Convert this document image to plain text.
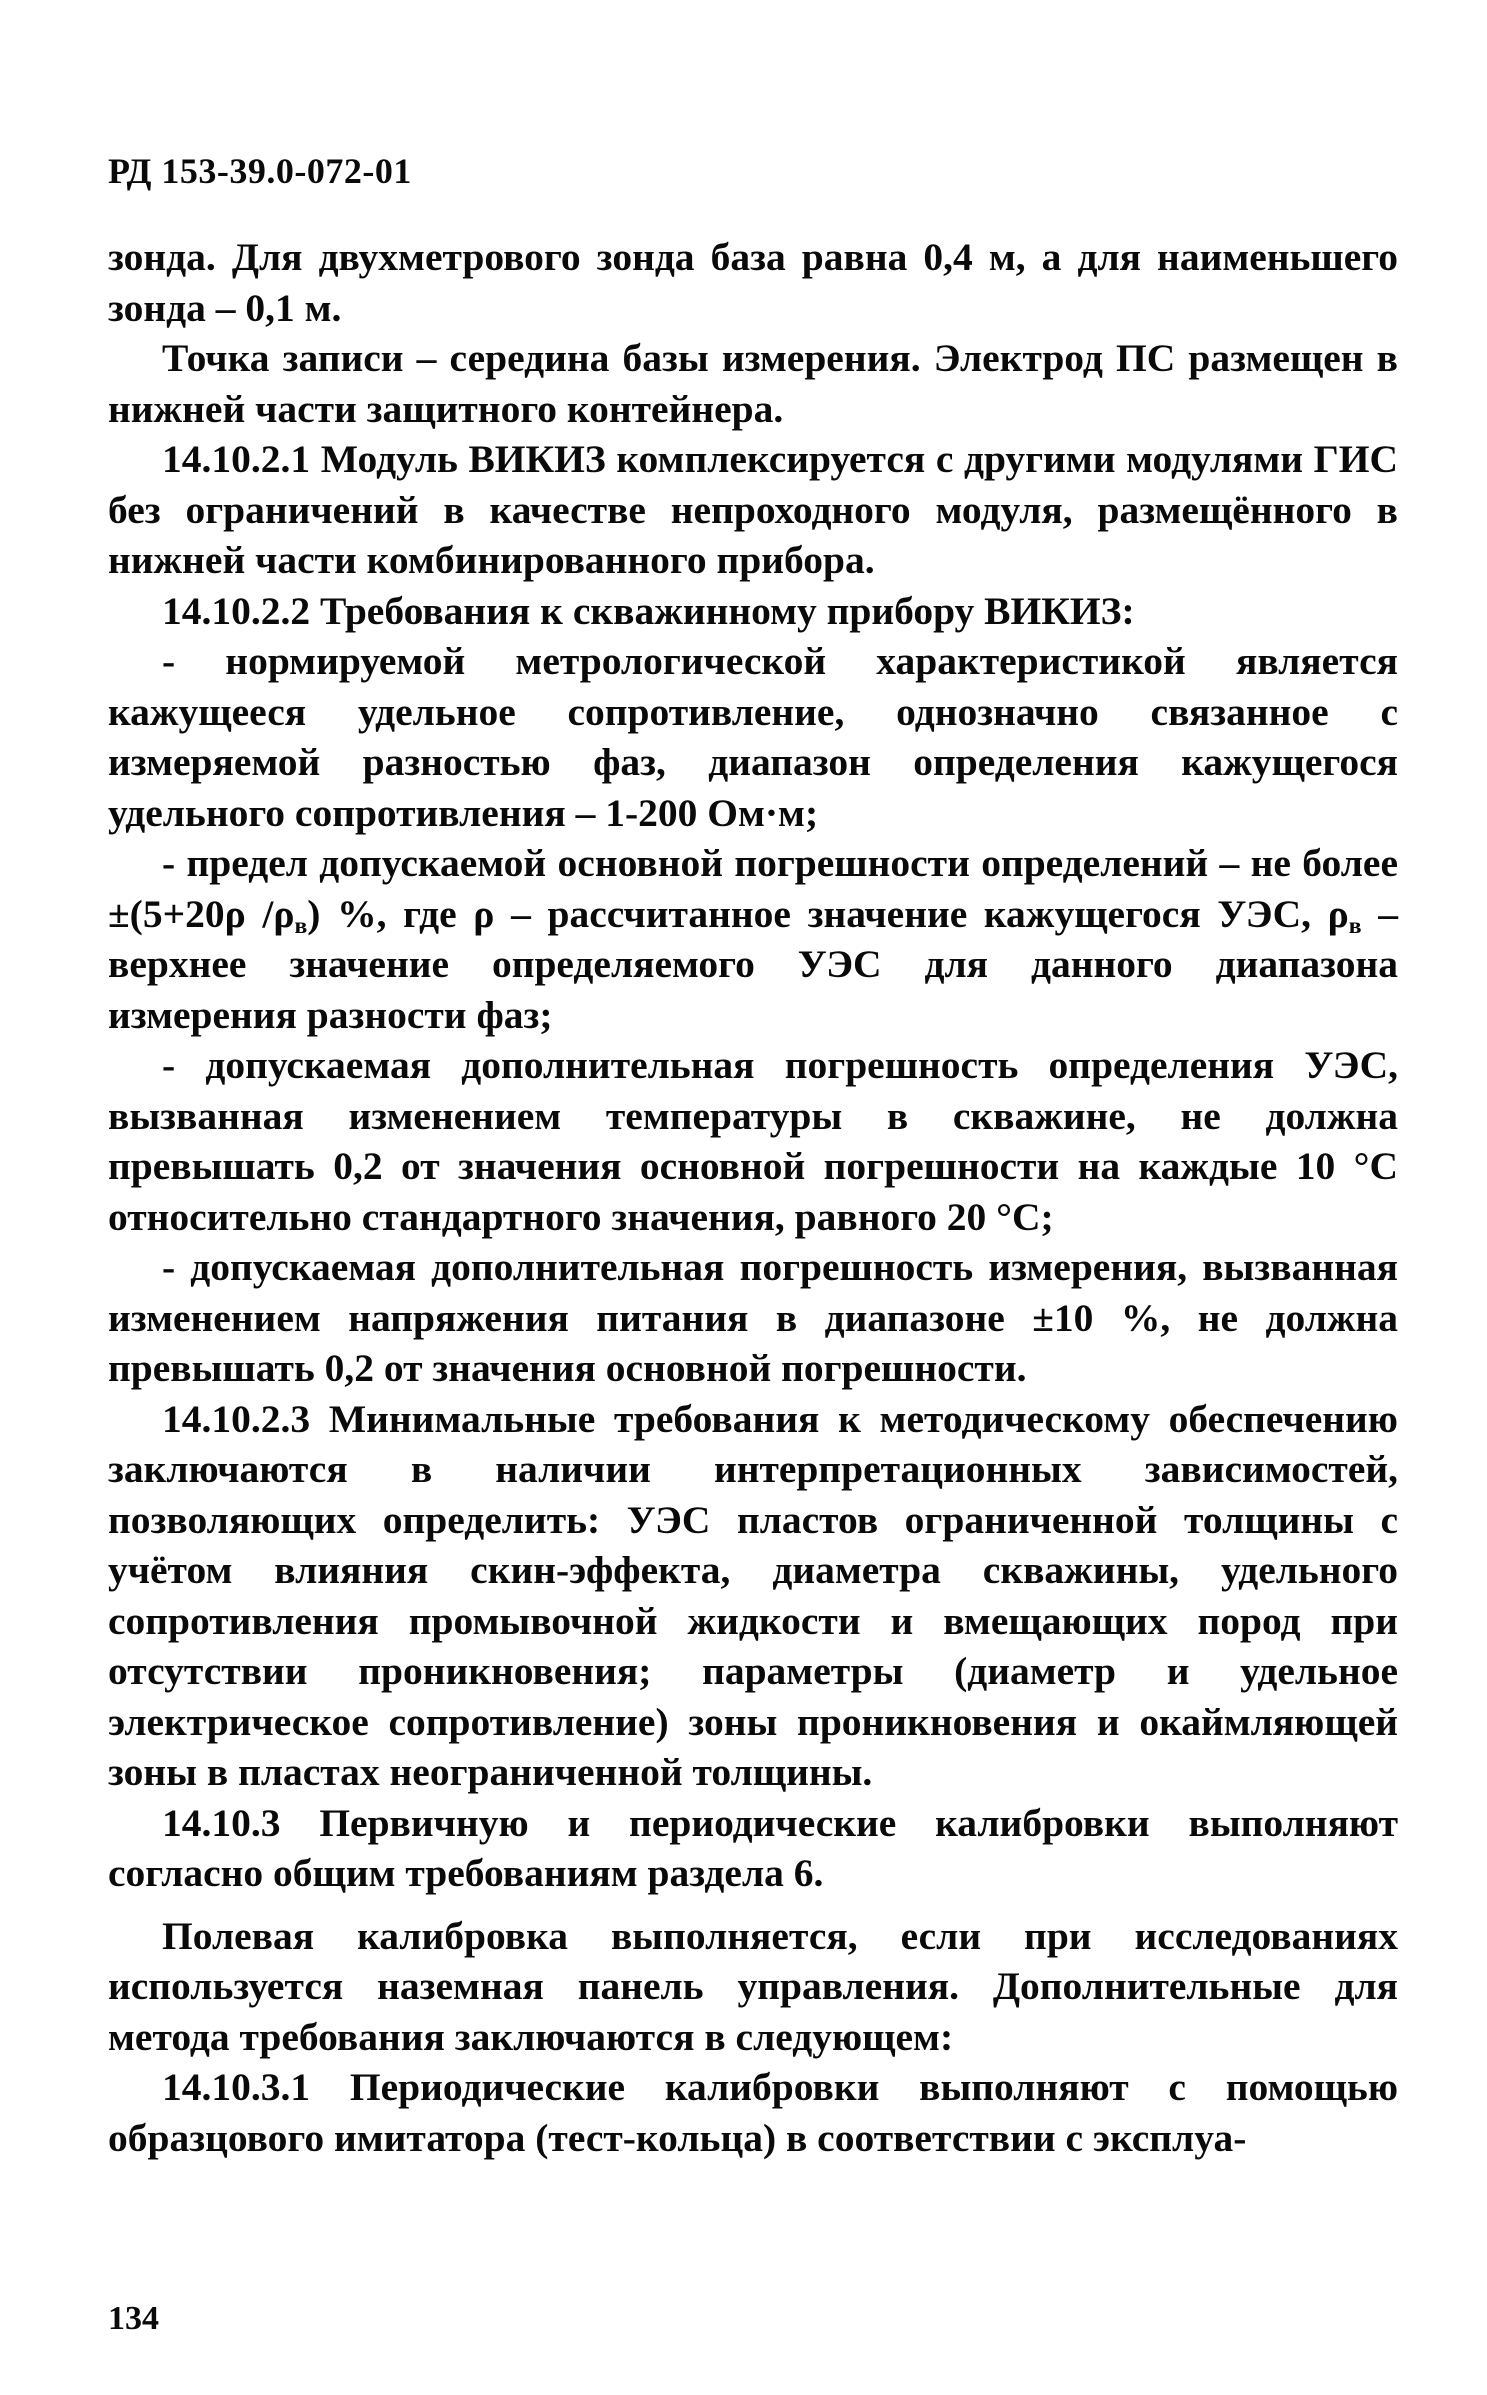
РД 153-39.0-072-01

зонда. Для двухметрового зонда база равна 0,4 м, а для наименьшего зонда – 0,1 м.

Точка записи – середина базы измерения. Электрод ПС размещен в нижней части защитного контейнера.

14.10.2.1 Модуль ВИКИЗ комплексируется с другими модулями ГИС без ограничений в качестве непроходного модуля, размещённого в нижней части комбинированного прибора.

14.10.2.2 Требования к скважинному прибору ВИКИЗ:

- нормируемой метрологической характеристикой является кажущееся удельное сопротивление, однозначно связанное с измеряемой разностью фаз, диапазон определения кажущегося удельного сопротивления – 1-200 Ом·м;

- предел допускаемой основной погрешности определений – не более ±(5+20ρ $/\rho_в$) %, где ρ – рассчитанное значение кажущегося УЭС, $\rho_в$ – верхнее значение определяемого УЭС для данного диапазона измерения разности фаз;

- допускаемая дополнительная погрешность определения УЭС, вызванная изменением температуры в скважине, не должна превышать 0,2 от значения основной погрешности на каждые 10 °С относительно стандартного значения, равного 20 °С;

- допускаемая дополнительная погрешность измерения, вызванная изменением напряжения питания в диапазоне ±10 %, не должна превышать 0,2 от значения основной погрешности.

14.10.2.3 Минимальные требования к методическому обеспечению заключаются в наличии интерпретационных зависимостей, позволяющих определить: УЭС пластов ограниченной толщины с учётом влияния скин-эффекта, диаметра скважины, удельного сопротивления промывочной жидкости и вмещающих пород при отсутствии проникновения; параметры (диаметр и удельное электрическое сопротивление) зоны проникновения и окаймляющей зоны в пластах неограниченной толщины.

14.10.3 Первичную и периодические калибровки выполняют согласно общим требованиям раздела 6.

Полевая калибровка выполняется, если при исследованиях используется наземная панель управления. Дополнительные для метода требования заключаются в следующем:

14.10.3.1 Периодические калибровки выполняют с помощью образцового имитатора (тест-кольца) в соответствии с эксплуа-

134
